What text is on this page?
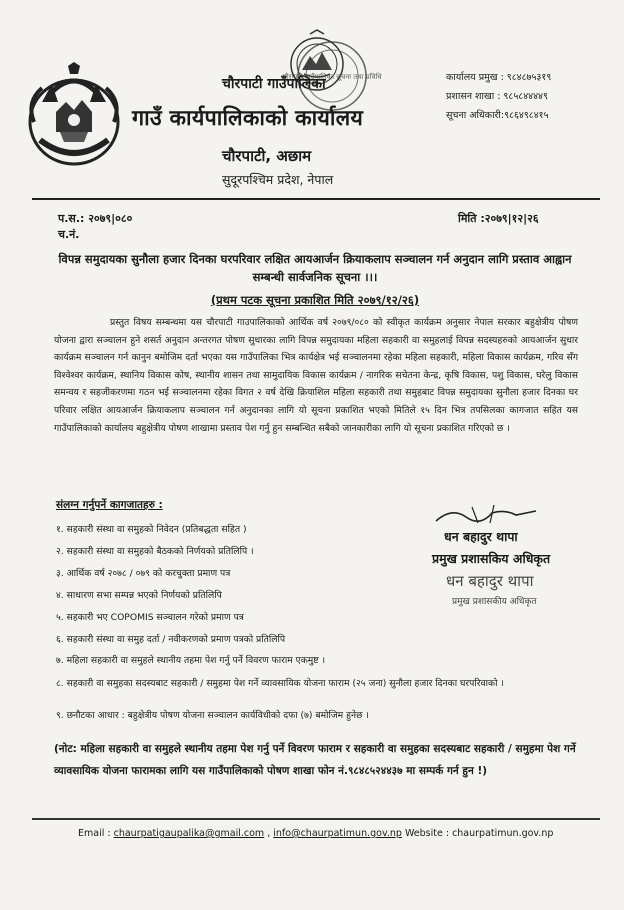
चौरपाटी गाउँपालिका सूचना तथा प्रविधि
चौरपाटी गाउँपालिका
गाउँ कार्यपालिकाको कार्यालय
चौरपाटी, अछाम
सुदूरपश्चिम प्रदेश, नेपाल
कार्यालय प्रमुख : ९८४८७५३१९
प्रशासन शाखा : ९८५८४४४४९
सूचना अधिकारी:९८६४९८४१५
प.स.: २०७९|०८०
च.नं.
मिति :२०७९|१२|२६
विपन्न समुदायका सुनौला हजार दिनका घरपरिवार लक्षित आयआर्जन क्रियाकलाप सञ्चालन गर्न अनुदान लागि प्रस्ताव आह्वान सम्बन्धी सार्वजनिक सूचना ।।।
(प्रथम पटक सूचना प्रकाशित मिति २०७९/१२/२६)
प्रस्तुत विषय सम्बन्धमा यस चौरपाटी गाउपालिकाको आर्थिक वर्ष २०७९/०८० को स्वीकृत कार्यक्रम अनुसार नेपाल सरकार बहुक्षेत्रीय पोषण योजना द्वारा सञ्चालन हुने शसर्त अनुदान अन्तरगत पोषण सुधारका लागि विपन्न समुदायका महिला सहकारी वा समुहलाई विपन्न सदस्यहरुको आयआर्जन सुधार कार्यक्रम सञ्चालन गर्न कानुन बमोजिम दर्ता भएका यस गाउँपालिका भित्र कार्यक्षेत्र भई सञ्चालनमा रहेका महिला सहकारी, महिला विकास कार्यक्रम, गरिव सँग विश्वेश्वर कार्यक्रम, स्थानिय विकास कोष, स्थानीय शासन तथा सामुदायिक विकास कार्यक्रम / नागरिक सचेतना केन्द्र, कृषि विकास, पशु विकास, घरेलु विकास समन्वय र सहजीकरणमा गठन भई सञ्चालनमा रहेका विगत २ वर्ष देखि क्रियाशिल महिला सहकारी तथा समुहबाट विपन्न समुदायका सुनौला हजार दिनका घर परिवार लक्षित आयआर्जन क्रियाकलाप सञ्चालन गर्न अनुदानका लागि यो सूचना प्रकाशित भएको मितिले १५ दिन भित्र तपसिलका कागजात सहित यस गाउँपालिकाको कार्यालय बहुक्षेत्रीय पोषण शाखामा प्रस्ताव पेश गर्नु हुन सम्बन्धित सबैको जानकारीका लागि यो सूचना प्रकाशित गरिएको छ ।
संलग्न गर्नुपर्ने कागजातहरु :
१. सहकारी संस्था वा समुहको निवेदन (प्रतिबद्धता सहित )
२. सहकारी संस्था वा समुहको बैठकको निर्णयको प्रतिलिपि ।
३. आर्थिक वर्ष २०७८ / ०७९ को करचुक्ता प्रमाण पत्र
४. साधारण सभा सम्पन्न भएको निर्णयको प्रतिलिपि
५. सहकारी भए COPOMIS सञ्चालन गरेको प्रमाण पत्र
६. सहकारी संस्था वा समुह दर्ता / नवीकरणको प्रमाण पत्रको प्रतिलिपि
७. महिला सहकारी वा समुहले स्थानीय तहमा पेश गर्नु पर्ने विवरण फाराम एकमुष्ट ।
८. सहकारी वा समुहका सदस्यबाट सहकारी / समुहमा पेश गर्ने व्यावसायिक योजना फाराम (२५ जना) सुनौला हजार दिनका घरपरिवाको ।
९. छनौटका आधार : बहुक्षेत्रीय पोषण योजना सञ्चालन कार्यविधीको दफा (७) बमोजिम हुनेछ ।
धन बहादुर थापा
प्रमुख प्रशासकिय अधिकृत
धन बहादुर थापा
प्रमुख प्रशासकीय अधिकृत
(नोट: महिला सहकारी वा समुहले स्थानीय तहमा पेश गर्नु पर्ने विवरण फाराम र सहकारी वा समुहका सदस्यबाट सहकारी / समुहमा पेश गर्ने व्यावसायिक योजना फारामका लागि यस गाउँपालिकाको पोषण शाखा फोन नं.९८४८५२४४३७ मा सम्पर्क गर्न हुन !)
Email : chaurpatigaupalika@gmail.com , info@chaurpatimun.gov.np Website : chaurpatimun.gov.np
